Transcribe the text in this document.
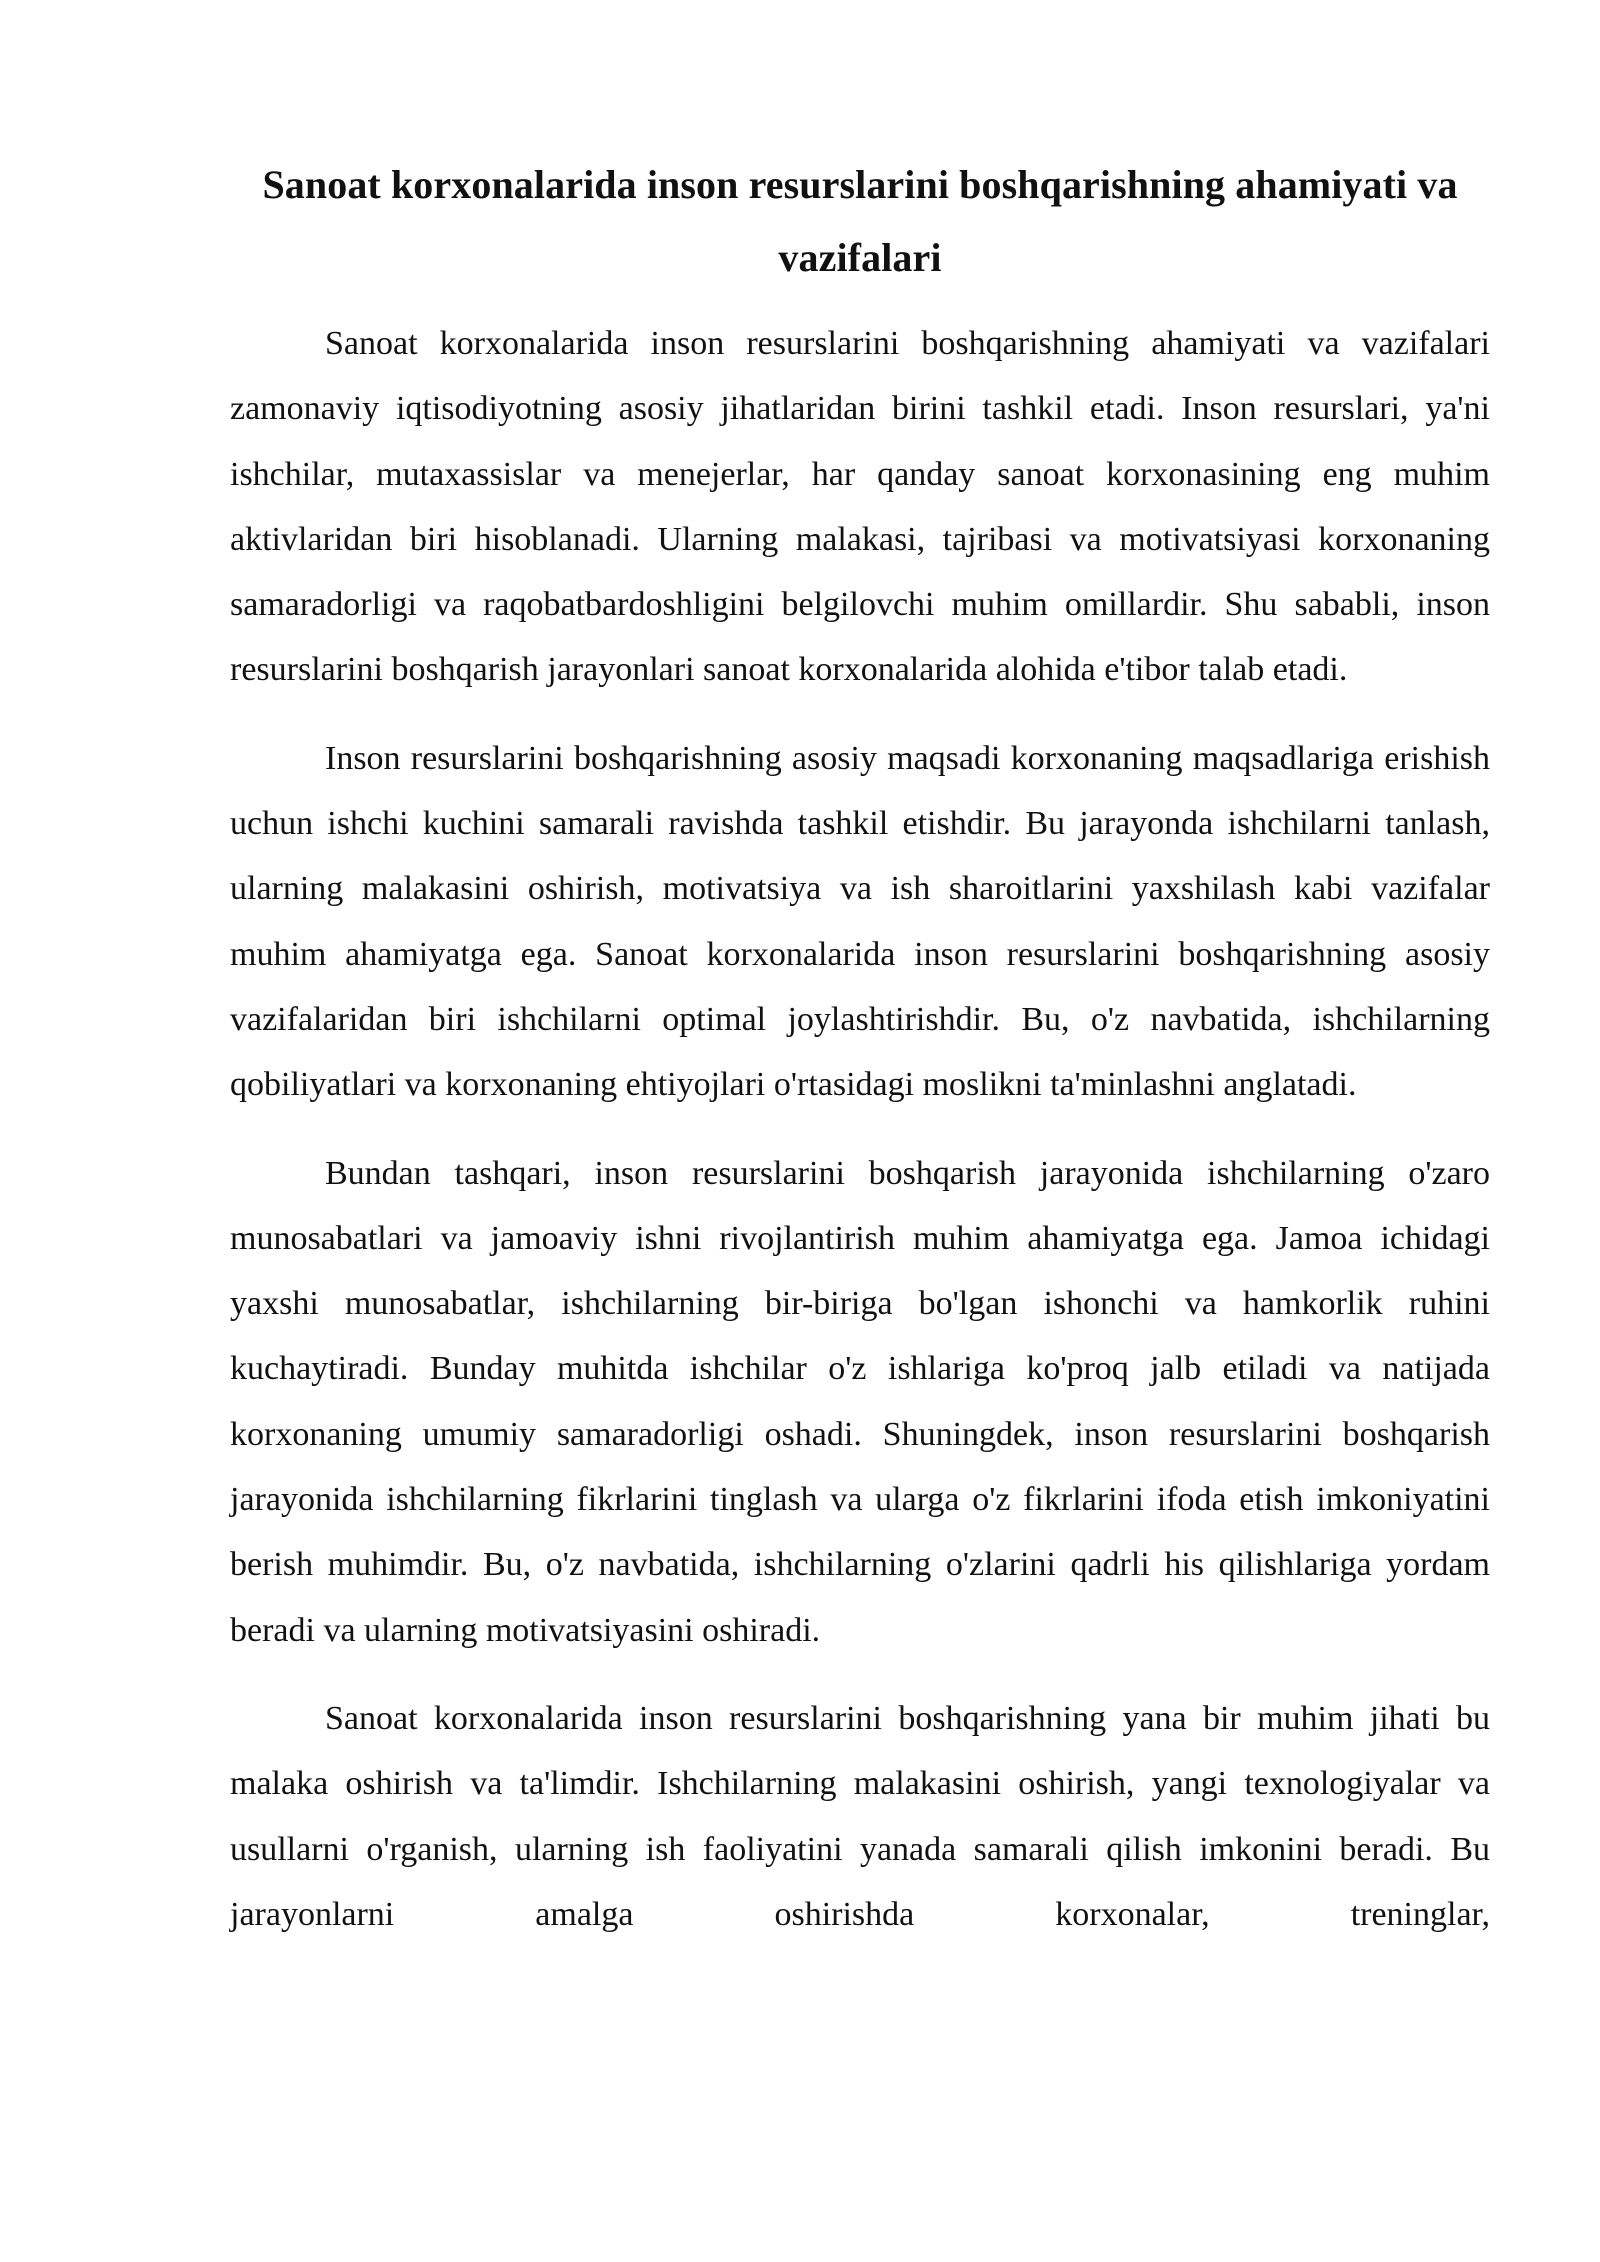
Sanoat korxonalarida inson resurslarini boshqarishning ahamiyati va vazifalari

Sanoat korxonalarida inson resurslarini boshqarishning ahamiyati va vazifalari zamonaviy iqtisodiyotning asosiy jihatlaridan birini tashkil etadi. Inson resurslari, ya'ni ishchilar, mutaxassislar va menejerlar, har qanday sanoat korxonasining eng muhim aktivlaridan biri hisoblanadi. Ularning malakasi, tajribasi va motivatsiyasi korxonaning samaradorligi va raqobatbardoshligini belgilovchi muhim omillardir. Shu sababli, inson resurslarini boshqarish jarayonlari sanoat korxonalarida alohida e'tibor talab etadi.

Inson resurslarini boshqarishning asosiy maqsadi korxonaning maqsadlariga erishish uchun ishchi kuchini samarali ravishda tashkil etishdir. Bu jarayonda ishchilarni tanlash, ularning malakasini oshirish, motivatsiya va ish sharoitlarini yaxshilash kabi vazifalar muhim ahamiyatga ega. Sanoat korxonalarida inson resurslarini boshqarishning asosiy vazifalaridan biri ishchilarni optimal joylashtirishdir. Bu, o'z navbatida, ishchilarning qobiliyatlari va korxonaning ehtiyojlari o'rtasidagi moslikni ta'minlashni anglatadi.

Bundan tashqari, inson resurslarini boshqarish jarayonida ishchilarning o'zaro munosabatlari va jamoaviy ishni rivojlantirish muhim ahamiyatga ega. Jamoa ichidagi yaxshi munosabatlar, ishchilarning bir-biriga bo'lgan ishonchi va hamkorlik ruhini kuchaytiradi. Bunday muhitda ishchilar o'z ishlariga ko'proq jalb etiladi va natijada korxonaning umumiy samaradorligi oshadi. Shuningdek, inson resurslarini boshqarish jarayonida ishchilarning fikrlarini tinglash va ularga o'z fikrlarini ifoda etish imkoniyatini berish muhimdir. Bu, o'z navbatida, ishchilarning o'zlarini qadrli his qilishlariga yordam beradi va ularning motivatsiyasini oshiradi.

Sanoat korxonalarida inson resurslarini boshqarishning yana bir muhim jihati bu malaka oshirish va ta'limdir. Ishchilarning malakasini oshirish, yangi texnologiyalar va usullarni o'rganish, ularning ish faoliyatini yanada samarali qilish imkonini beradi. Bu jarayonlarni amalga oshirishda korxonalar, treninglar,
